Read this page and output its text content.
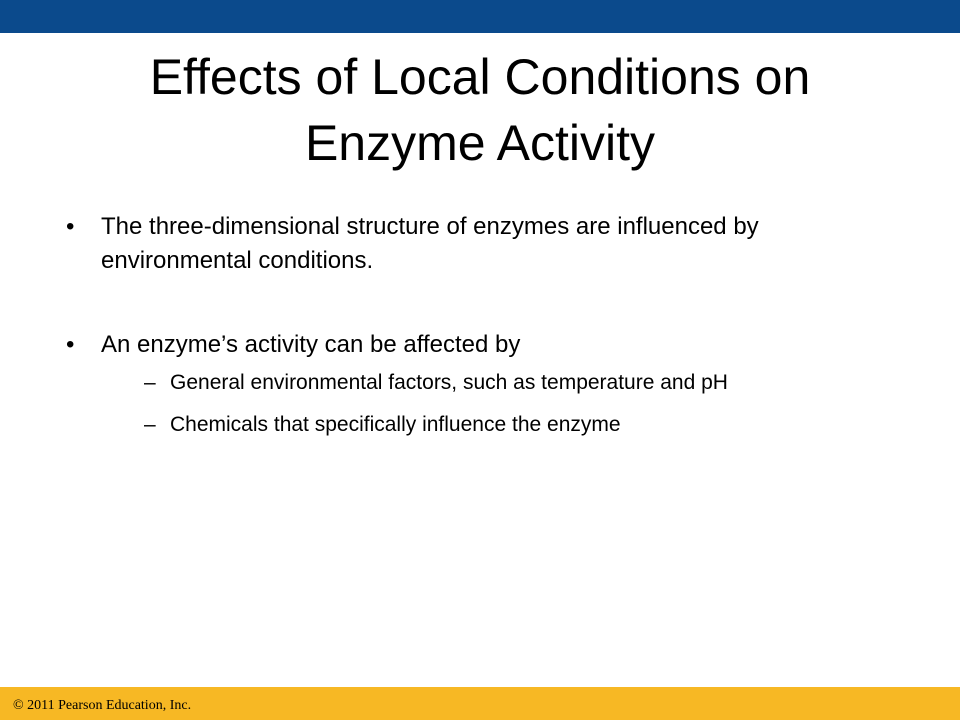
Effects of Local Conditions on
Enzyme Activity
• The three-dimensional structure of enzymes are influenced by environmental conditions.
• An enzyme’s activity can be affected by
– General environmental factors, such as temperature and pH
– Chemicals that specifically influence the enzyme
© 2011 Pearson Education, Inc.
